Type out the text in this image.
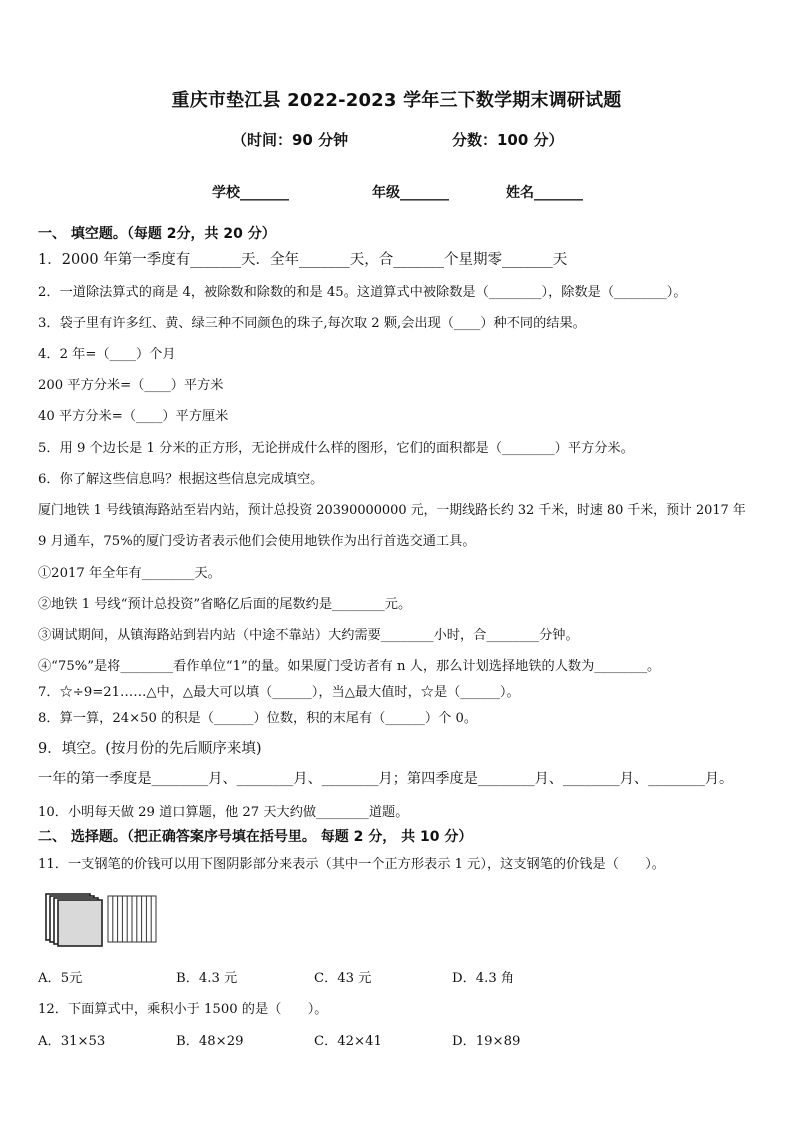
重庆市垫江县 2022-2023 学年三下数学期末调研试题
（时间：90 分钟	分数：100 分）
学校_______	年级_______	姓名_______
一、 填空题。（每题 2分，共 20 分）
1．2000 年第一季度有_______天．全年_______天，合_______个星期零_______天
2．一道除法算式的商是 4，被除数和除数的和是 45。这道算式中被除数是（________），除数是（________）。
3．袋子里有许多红、黄、绿三种不同颜色的珠子,每次取 2 颗,会出现（____）种不同的结果。
4．2 年=（____）个月
200 平方分米=（____）平方米
40 平方分米=（____）平方厘米
5．用 9 个边长是 1 分米的正方形，无论拼成什么样的图形，它们的面积都是（________）平方分米。
6．你了解这些信息吗？根据这些信息完成填空。
厦门地铁 1 号线镇海路站至岩内站，预计总投资 20390000000 元，一期线路长约 32 千米，时速 80 千米，预计 2017 年
9 月通车，75%的厦门受访者表示他们会使用地铁作为出行首选交通工具。
①2017 年全年有________天。
②地铁 1 号线“预计总投资”省略亿后面的尾数约是________元。
③调试期间，从镇海路站到岩内站（中途不靠站）大约需要________小时，合________分钟。
④“75%”是将________看作单位“1”的量。如果厦门受访者有 n 人，那么计划选择地铁的人数为________。
7．☆÷9=21……△中，△最大可以填（______），当△最大值时，☆是（______）。
8．算一算，24×50 的积是（______）位数，积的末尾有（______）个 0。
9．填空。(按月份的先后顺序来填)
一年的第一季度是________月、________月、________月；第四季度是________月、________月、________月。
10．小明每天做 29 道口算题，他 27 天大约做________道题。
二、 选择题。（把正确答案序号填在括号里。 每题 2 分， 共 10 分）
11．一支钢笔的价钱可以用下图阴影部分来表示（其中一个正方形表示 1 元），这支钢笔的价钱是（　　）。
A．5元	B．4.3 元	C．43 元	D．4.3 角
12．下面算式中，乘积小于 1500 的是（　　）。
A．31×53	B．48×29	C．42×41	D．19×89
